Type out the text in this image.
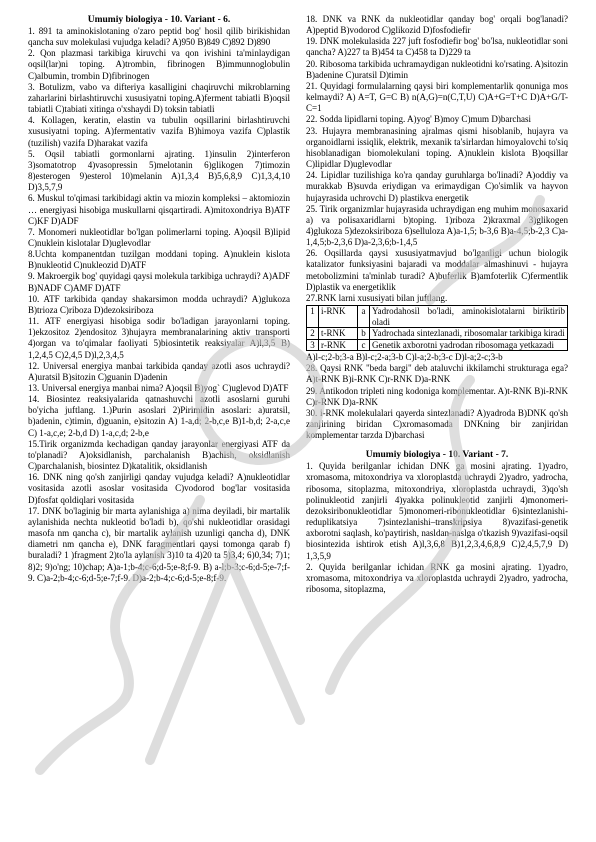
Umumiy biologiya - 10. Variant - 6.

1. 891 ta aminokislotaning o'zaro peptid bog' hosil qilib birikishidan qancha suv molekulasi vujudga keladi? A)950 B)849 C)892 D)890

2. Qon plazmasi tarkibiga kiruvchi va qon ivishini ta'minlaydigan oqsil(lar)ni toping. A)trombin, fibrinogen B)immunnoglobulin C)albumin, trombin D)fibrinogen

3. Botulizm, vabo va difteriya kasalligini chaqiruvchi mikroblarning zaharlarini birlashtiruvchi xususiyatni toping.A)ferment tabiatli B)oqsil tabiatli C)tabiati xitinga o'xshaydi D) toksin tabiatli

4. Kollagen, keratin, elastin va tubulin oqsillarini birlashtiruvchi xususiyatni toping. A)fermentativ vazifa B)himoya vazifa C)plastik (tuzilish) vazifa D)harakat vazifa

5. Oqsil tabiatli gormonlarni ajrating. 1)insulin 2)interferon 3)somatotrop 4)vasopressin 5)melotanin 6)glikogen 7)timozin 8)esterogen 9)esterol 10)melanin A)1,3,4 B)5,6,8,9 C)1,3,4,10 D)3,5,7,9

6. Muskul to'qimasi tarkibidagi aktin va miozin kompleksi – aktomiozin … energiyasi hisobiga muskullarni qisqartiradi. A)mitoxondriya B)ATF C)KF D)ADF

7. Monomeri nukleotidlar bo'lgan polimerlarni toping. A)oqsil B)lipid C)nuklein kislotalar D)uglevodlar

8.Uchta kompanentdan tuzilgan moddani toping. A)nuklein kislota B)nukleotid C)nukleozid D)ATF

9. Makroergik bog' quyidagi qaysi molekula tarkibiga uchraydi? A)ADF B)NADF C)AMF D)ATF

10. ATF tarkibida qanday shakarsimon modda uchraydi? A)glukoza B)trioza C)riboza D)dezoksiriboza

11. ATF energiyasi hisobiga sodir bo'ladigan jarayonlarni toping. 1)ekzositoz 2)endositoz 3)hujayra membranalarining aktiv transporti 4)organ va to'qimalar faoliyati 5)biosintetik reaksiyalar A)l,3,5 B) 1,2,4,5 C)2,4,5 D)l,2,3,4,5

12. Universal energiya manbai tarkibida qanday azotli asos uchraydi? A)uratsil B)sitozin C)guanin D)adenin

13. Universal energiya manbai nima? A)oqsil B)yog` C)uglevod D)ATF

14. Biosintez reaksiyalarida qatnashuvchi azotli asoslarni guruhi bo'yicha juftlang. 1.)Purin asoslari 2)Pirimidin asoslari: a)uratsil, b)adenin, c)timin, d)guanin, e)sitozin A) 1-a,d; 2-b,c,e B)1-b,d; 2-a,c,e C) 1-a,c,e; 2-b,d D) 1-a,c,d; 2-b,e

15.Tirik organizmda kechadigan qanday jarayonlar energiyasi ATF da to'planadi? A)oksidlanish, parchalanish B)achish, oksidlanish C)parchalanish, biosintez D)katalitik, oksidlanish

16. DNK ning qo'sh zanjirligi qanday vujudga keladi? A)nukleotidlar vositasida azotli asoslar vositasida C)vodorod bog'lar vositasida D)fosfat qoldiqlari vositasida

17. DNK bo'laginig bir marta aylanishiga a) nima deyiladi, bir martalik aylanishida nechta nukleotid bo'ladi b), qo'shi nukleotidlar orasidagi masofa nm qancha c), bir martalik aylanish uzunligi qancha d), DNK diametri nm qancha e), DNK faragmentlari qaysi tomonga qarab f) buraladi? 1 )fragment 2)to'la aylanish 3)10 ta 4)20 ta 5)3,4; 6)0,34; 7)1; 8)2; 9)o'ng; 10)chap; A)a-1;b-4;c-6;d-5;e-8;f-9. B) a-l;b-3;c-6;d-5;e-7;f-9. C)a-2;b-4;c-6;d-5;e-7;f-9. D)a-2;b-4;c-6;d-5;e-8;f-9.

18. DNK va RNK da nukleotidlar qanday bog' orqali bog'lanadi? A)peptid B)vodorod C)glikozid D)fosfodiefir

19. DNK molekulasida 227 juft fosfodiefir bog' bo'lsa, nukleotidlar soni qancha? A)227 ta B)454 ta C)458 ta D)229 ta

20. Ribosoma tarkibida uchramaydigan nukleotidni ko'rsating. A)sitozin B)adenine C)uratsil D)timin

21. Quyidagi formulalarning qaysi biri komplementarlik qonuniga mos kelmaydi? A) A=T, G=C B) n(A,G)=n(C,T,U) C)A+G=T+C D)A+G/T-C=1

22. Sodda lipidlarni toping. A)yog' B)moy C)mum D)barchasi

23. Hujayra membranasining ajralmas qismi hisoblanib, hujayra va organoidlarni issiqlik, elektrik, mexanik ta'sirlardan himoyalovchi to'siq hisoblanadigan biomolekulani toping. A)nuklein kislota B)oqsillar C)lipidlar D)uglevodlar

24. Lipidlar tuzilishiga ko'ra qanday guruhlarga bo'linadi? A)oddiy va murakkab B)suvda eriydigan va erimaydigan C)o'simlik va hayvon hujayrasida uchrovchi D) plastikva energetik

25. Tirik organizmlar hujayrasida uchraydigan eng muhim monosaxarid a) va polisaxaridlarni b)toping. 1)riboza 2)kraxmal 3)glikogen 4)glukoza 5)dezoksiriboza 6)selluloza A)a-1,5; b-3,6 B)a-4,5;b-2,3 C)a-1,4,5;b-2,3,6 D)a-2,3,6;b-1,4,5

26. Oqsillarda qaysi xususiyatmavjud bo'lganligi uchun biologik katalizator funksiyasini bajaradi va moddalar almashinuvi - hujayra metobolizmini ta'minlab turadi? A)buferlik B)amfoterlik C)fermentlik D)plastik va energetiklik

27.RNK larni xususiyati bilan juftlang.

1	i-RNK	a	Yadrodahosil bo'ladi, aminokislotalarni biriktirib oladi
2	t-RNK	b	Yadrochada sintezlanadi, ribosomalar tarkibiga kiradi
3	r-RNK	c	Genetik axborotni yadrodan ribosomaga yetkazadi

A)l-c;2-b;3-a B)l-c;2-a;3-b C)l-a;2-b;3-c D)l-a;2-c;3-b

28. Qaysi RNK "beda bargi" deb ataluvchi ikkilamchi strukturaga ega? A)t-RNK B)i-RNK C)r-RNK D)a-RNK

29. Antikodon tripleti ning kodoniga komplementar. A)t-RNK B)i-RNK C)r-RNK D)a-RNK

30. i-RNK molekulalari qayerda sintezlanadi? A)yadroda B)DNK qo'sh zanjirining biridan C)xromasomada DNKning bir zanjiridan komplementar tarzda D)barchasi

Umumiy biologiya - 10. Variant - 7.

1. Quyida berilganlar ichidan DNK ga mosini ajrating. 1)yadro, xromasoma, mitoxondriya va xloroplastda uchraydi 2)yadro, yadrocha, ribosoma, sitoplazma, mitoxondriya, xloroplastda uchraydi, 3)qo'sh polinukleotid zanjirli 4)yakka polinukleotid zanjirli 4)monomeri-dezoksiribonukleotidlar 5)monomeri-ribonukleotidlar 6)sintezlanishi-reduplikatsiya 7)sintezlanishi–transkripsiya 8)vazifasi-genetik axborotni saqlash, ko'paytirish, nasldan-naslga o'tkazish 9)vazifasi-oqsil biosintezida ishtirok etish A)l,3,6,8 B)1,2,3,4,6,8,9 C)2,4,5,7,9 D) 1,3,5,9

2. Quyida berilganlar ichidan RNK ga mosini ajrating. 1)yadro, xromasoma, mitoxondriya va xloroplastda uchraydi 2)yadro, yadrocha, ribosoma, sitoplazma,
